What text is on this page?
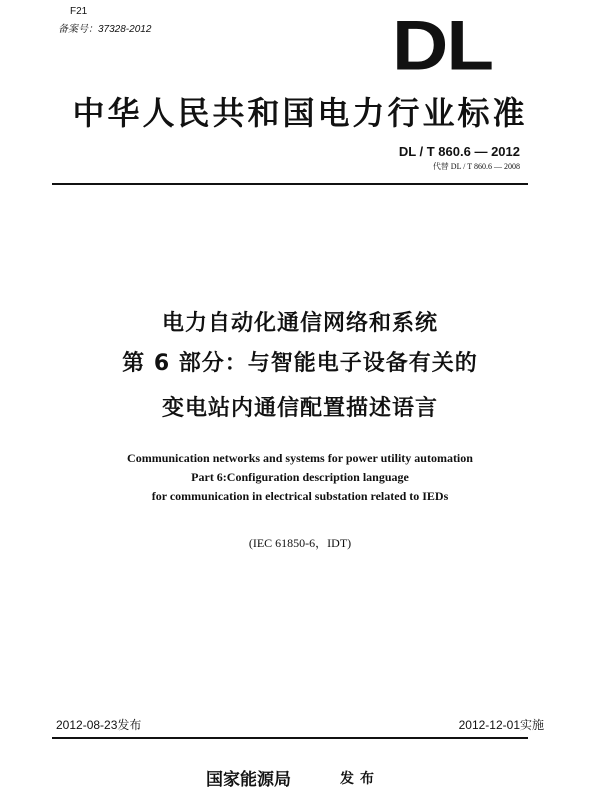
F21
备案号：37328-2012	DL
中华人民共和国电力行业标准
DL / T 860.6 — 2012
代替 DL / T 860.6 — 2008
电力自动化通信网络和系统
第 6 部分：与智能电子设备有关的
变电站内通信配置描述语言
Communication networks and systems for power utility automation
Part 6:Configuration description language
for communication in electrical substation related to IEDs
(IEC 61850-6，IDT)
2012-08-23发布	2012-12-01实施
国家能源局	发布
